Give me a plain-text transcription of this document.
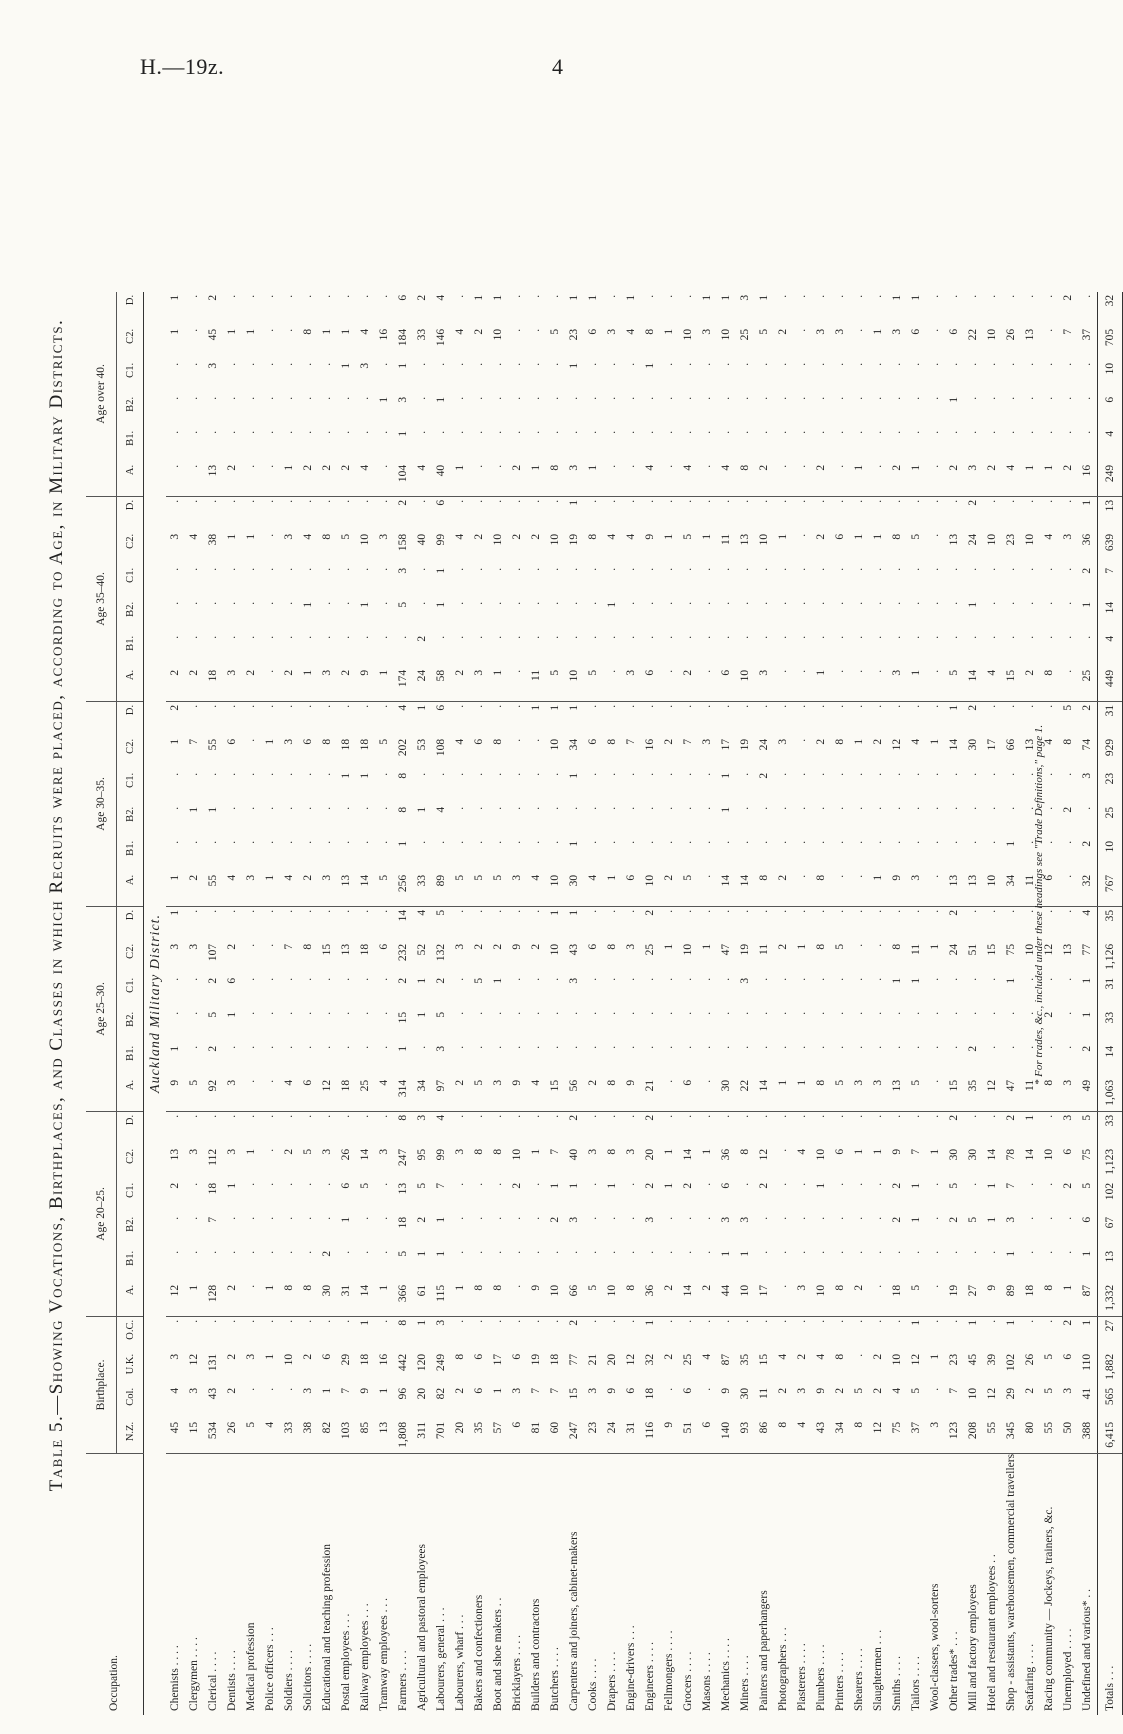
H.—19z.	4
Table 5.—Showing Vocations, Birthplaces, and Classes in which Recruits were placed, according to Age, in Military Districts.
Occupation.	Birthplace.				Age 20–25.						Age 25–30.						Age 30–35.						Age 35–40.						Age over 40.					
	N.Z.	Col.	U.K.	O.C.	A.	B1.	B2.	C1.	C2.	D.	A.	B1.	B2.	C1.	C2.	D.	A.	B1.	B2.	C1.	C2.	D.	A.	B1.	B2.	C1.	C2.	D.	A.	B1.	B2.	C1.	C2.	D.
Auckland Military District.																																		
Chemists . . . .	45	4	3	.	12	.	.	2	13	.	9	1	.	.	3	1	1	.	.	.	1	2	2	.	.	.	3	.	.	.	.	.	1	1
Clergymen . . . .	15	3	12	.	1	.	.	.	3	.	5	.	.	.	3	.	2	.	1	.	7	.	2	.	.	.	4	.	.	.	.	.	.	.
Clerical . . . .	534	43	131	.	128	.	7	18	112	.	92	2	5	2	107	.	55	.	1	.	55	.	18	.	.	.	38	.	13	.	.	3	45	2
Dentists . . . .	26	2	2	.	2	.	.	1	3	.	3	.	1	6	2	.	4	.	.	.	6	.	3	.	.	.	1	.	2	.	.	.	1	.
Medical profession	5	.	3	.	.	.	.	.	1	.	.	.	.	.	.	.	3	.	.	.	.	.	2	.	.	.	1	.	.	.	.	.	1	.
Police officers . . .	4	.	1	.	1	.	.	.	.	.	.	.	.	.	.	.	1	.	.	.	1	.	.	.	.	.	.	.	.	.	.	.	.	.
Soldiers . . . .	33	.	10	.	8	.	.	.	2	.	4	.	.	.	7	.	4	.	.	.	3	.	2	.	.	.	3	.	1	.	.	.	.	.
Solicitors . . . .	38	3	2	.	8	.	.	.	5	.	6	.	.	.	8	.	2	.	.	.	6	.	1	.	1	.	4	.	2	.	.	.	8	.
Educational and teaching profession	82	1	6	.	30	2	.	.	3	.	12	.	.	.	15	.	3	.	.	.	8	.	3	.	.	.	8	.	2	.	.	.	1	.
Postal employees . . .	103	7	29	.	31	.	1	6	26	.	18	.	.	.	13	.	13	.	.	1	18	.	2	.	.	.	5	.	2	.	.	1	1	.
Railway employees . . .	85	9	18	1	14	.	.	5	14	.	25	.	.	.	18	.	14	.	.	1	18	.	9	.	1	.	10	.	4	.	.	3	4	.
Tramway employees . . .	13	1	16	.	1	.	.	.	3	.	4	.	.	.	6	.	5	.	.	.	5	.	1	.	.	.	3	.	.	.	1	.	16	.
Farmers . . . .	1,808	96	442	8	366	5	18	13	247	8	314	1	15	2	232	14	256	1	8	8	202	4	174	.	5	3	158	2	104	1	3	1	184	6
Agricultural and pastoral employees	311	20	120	1	61	1	2	5	95	3	34	.	1	1	52	4	33	.	1	.	53	1	24	2	.	.	40	.	4	.	.	.	33	2
Labourers, general . . .	701	82	249	3	115	1	1	7	99	4	97	3	5	2	132	5	89	.	4	.	108	6	58	.	1	1	99	6	40	.	1	.	146	4
Labourers, wharf . . .	20	2	8	.	1	.	.	.	3	.	2	.	.	.	3	.	5	.	.	.	4	.	2	.	.	.	4	.	1	.	.	.	4	.
Bakers and confectioners	35	6	6	.	8	.	.	.	8	.	5	.	.	5	2	.	5	.	.	.	6	.	3	.	.	.	2	.	.	.	.	.	2	1
Boot and shoe makers . .	57	1	17	.	8	.	.	.	8	.	3	.	.	1	2	.	5	.	.	.	8	.	1	.	.	.	10	.	.	.	.	.	10	1
Bricklayers . . . .	6	3	6	.	.	.	.	2	10	.	9	.	.	.	9	.	3	.	.	.	.	.	.	.	.	.	2	.	2	.	.	.	.	.
Builders and contractors	81	7	19	.	9	.	.	.	1	.	4	.	.	.	2	.	4	.	.	.	.	1	11	.	.	.	2	.	1	.	.	.	.	.
Butchers . . . .	60	7	18	.	10	.	2	1	7	.	15	.	.	.	10	1	10	.	.	.	10	1	5	.	.	.	10	.	8	.	.	.	5	.
Carpenters and joiners, cabinet-makers	247	15	77	2	66	.	3	1	40	2	56	.	.	3	43	1	30	1	.	1	34	1	10	.	.	.	19	1	3	.	.	1	23	1
Cooks . . . .	23	3	21	.	5	.	.	.	3	.	2	.	.	.	6	.	4	.	.	.	6	.	5	.	.	.	8	.	1	.	.	.	6	1
Drapers . . . .	24	9	20	.	10	.	.	1	8	.	8	.	.	.	8	.	1	.	.	.	8	.	.	.	1	.	4	.	.	.	.	.	3	.
Engine-drivers . . .	31	6	12	.	8	.	.	.	3	.	9	.	.	.	3	.	6	.	.	.	7	.	3	.	.	.	4	.	.	.	.	.	4	1
Engineers . . . .	116	18	32	1	36	.	3	2	20	2	21	.	.	.	25	2	10	.	.	.	16	.	6	.	.	.	9	.	4	.	.	1	8	.
Fellmongers . . . .	9	.	2	.	2	.	.	1	1	.	.	.	.	.	1	.	2	.	.	.	2	.	.	.	.	.	1	.	.	.	.	.	1	.
Grocers . . . .	51	6	25	.	14	.	.	2	14	.	6	.	.	.	10	.	5	.	.	.	7	.	2	.	.	.	5	.	4	.	.	.	10	.
Masons . . . .	6	.	4	.	2	.	.	.	1	.	.	.	.	.	1	.	.	.	.	.	3	.	.	.	.	.	1	.	.	.	.	.	3	1
Mechanics . . . .	140	9	87	.	44	1	3	6	36	.	30	.	.	.	47	.	14	.	1	1	17	.	6	.	.	.	11	.	4	.	.	.	10	1
Miners . . . .	93	30	35	.	10	1	3	.	8	.	22	.	.	3	19	.	14	.	.	.	19	.	10	.	.	.	13	.	8	.	.	.	25	3
Painters and paperhangers	86	11	15	.	17	.	.	2	12	.	14	.	.	.	11	.	8	.	.	2	24	.	3	.	.	.	10	.	2	.	.	.	5	1
Photographers . . .	8	2	4	.	.	.	.	.	.	.	1	.	.	.	2	.	2	.	.	.	3	.	.	.	.	.	1	.	.	.	.	.	2	.
Plasterers . . . .	4	3	2	.	3	.	.	.	4	.	1	.	.	.	1	.	.	.	.	.	.	.	.	.	.	.	.	.	.	.	.	.	.	.
Plumbers . . . .	43	9	4	.	10	.	.	1	10	.	8	.	.	.	8	.	8	.	.	.	2	.	1	.	.	.	2	.	2	.	.	.	3	.
Printers . . . .	34	2	8	.	8	.	.	.	6	.	5	.	.	.	5	.	.	.	.	.	8	.	.	.	.	.	6	.	.	.	.	.	3	.
Shearers . . . .	8	5	.	.	2	.	.	.	1	.	3	.	.	.	.	.	.	.	.	.	1	.	.	.	.	.	1	.	1	.	.	.	.	.
Slaughtermen . . .	12	2	2	.	.	.	.	.	1	.	3	.	.	.	.	.	1	.	.	.	2	.	.	.	.	.	1	.	.	.	.	.	1	.
Smiths . . . .	75	4	10	.	18	.	2	2	9	.	13	.	.	1	8	.	9	.	.	.	12	.	3	.	.	.	8	.	2	.	.	.	3	1
Tailors . . . .	37	5	12	1	5	.	1	1	7	.	5	.	.	1	11	.	3	.	.	.	4	.	1	.	.	.	5	.	1	.	.	.	6	1
Wool-classers, wool-sorters	3	.	1	.	.	.	.	.	1	.	.	.	.	.	1	.	.	.	.	.	1	.	.	.	.	.	.	.	.	.	.	.	.	.
Other trades* . . .	123	7	23	.	19	.	2	5	30	2	15	.	.	.	24	2	13	.	.	.	14	1	5	.	.	.	13	.	2	.	1	.	6	.
Mill and factory employees	208	10	45	1	27	.	5	.	30	.	35	2	.	.	51	.	13	.	.	.	30	2	14	.	1	.	24	2	3	.	.	.	22	.
Hotel and restaurant employees . .	55	12	39	.	9	.	1	1	14	.	12	.	.	.	15	.	10	.	.	.	17	.	4	.	.	.	10	.	2	.	.	.	10	.
Shop - assistants, warehousemen, commercial travellers	345	29	102	1	89	1	3	7	78	2	47	.	.	1	75	.	34	1	.	.	66	.	15	.	.	.	23	.	4	.	.	.	26	.
Seafaring . . . .	80	2	26	.	18	.	.	.	14	1	11	.	.	.	10	.	11	.	.	.	13	.	2	.	.	.	10	.	1	.	.	.	13	.
Racing community — Jockeys, trainers, &c.	55	5	5	.	8	.	.	.	10	.	8	.	2	.	12	.	6	.	.	.	4	.	8	.	.	.	4	.	1	.	.	.	.	.
Unemployed . . . .	50	3	6	2	1	.	.	2	6	3	3	.	.	.	13	.	.	.	2	.	8	5	.	.	.	.	3	.	2	.	.	.	7	2
Undefined and various* . .	388	41	110	1	87	1	6	5	75	5	49	2	1	1	77	4	32	2	.	3	74	2	25	.	1	2	36	1	16	.	.	.	37	.
Totals . . .	6,415	565	1,882	27	1,332	13	67	102	1,123	33	1,063	14	33	31	1,126	35	767	10	25	23	929	31	449	4	14	7	639	13	249	4	6	10	705	32
* For trades, &c., included under these headings see "Trade Definitions," page 1.
